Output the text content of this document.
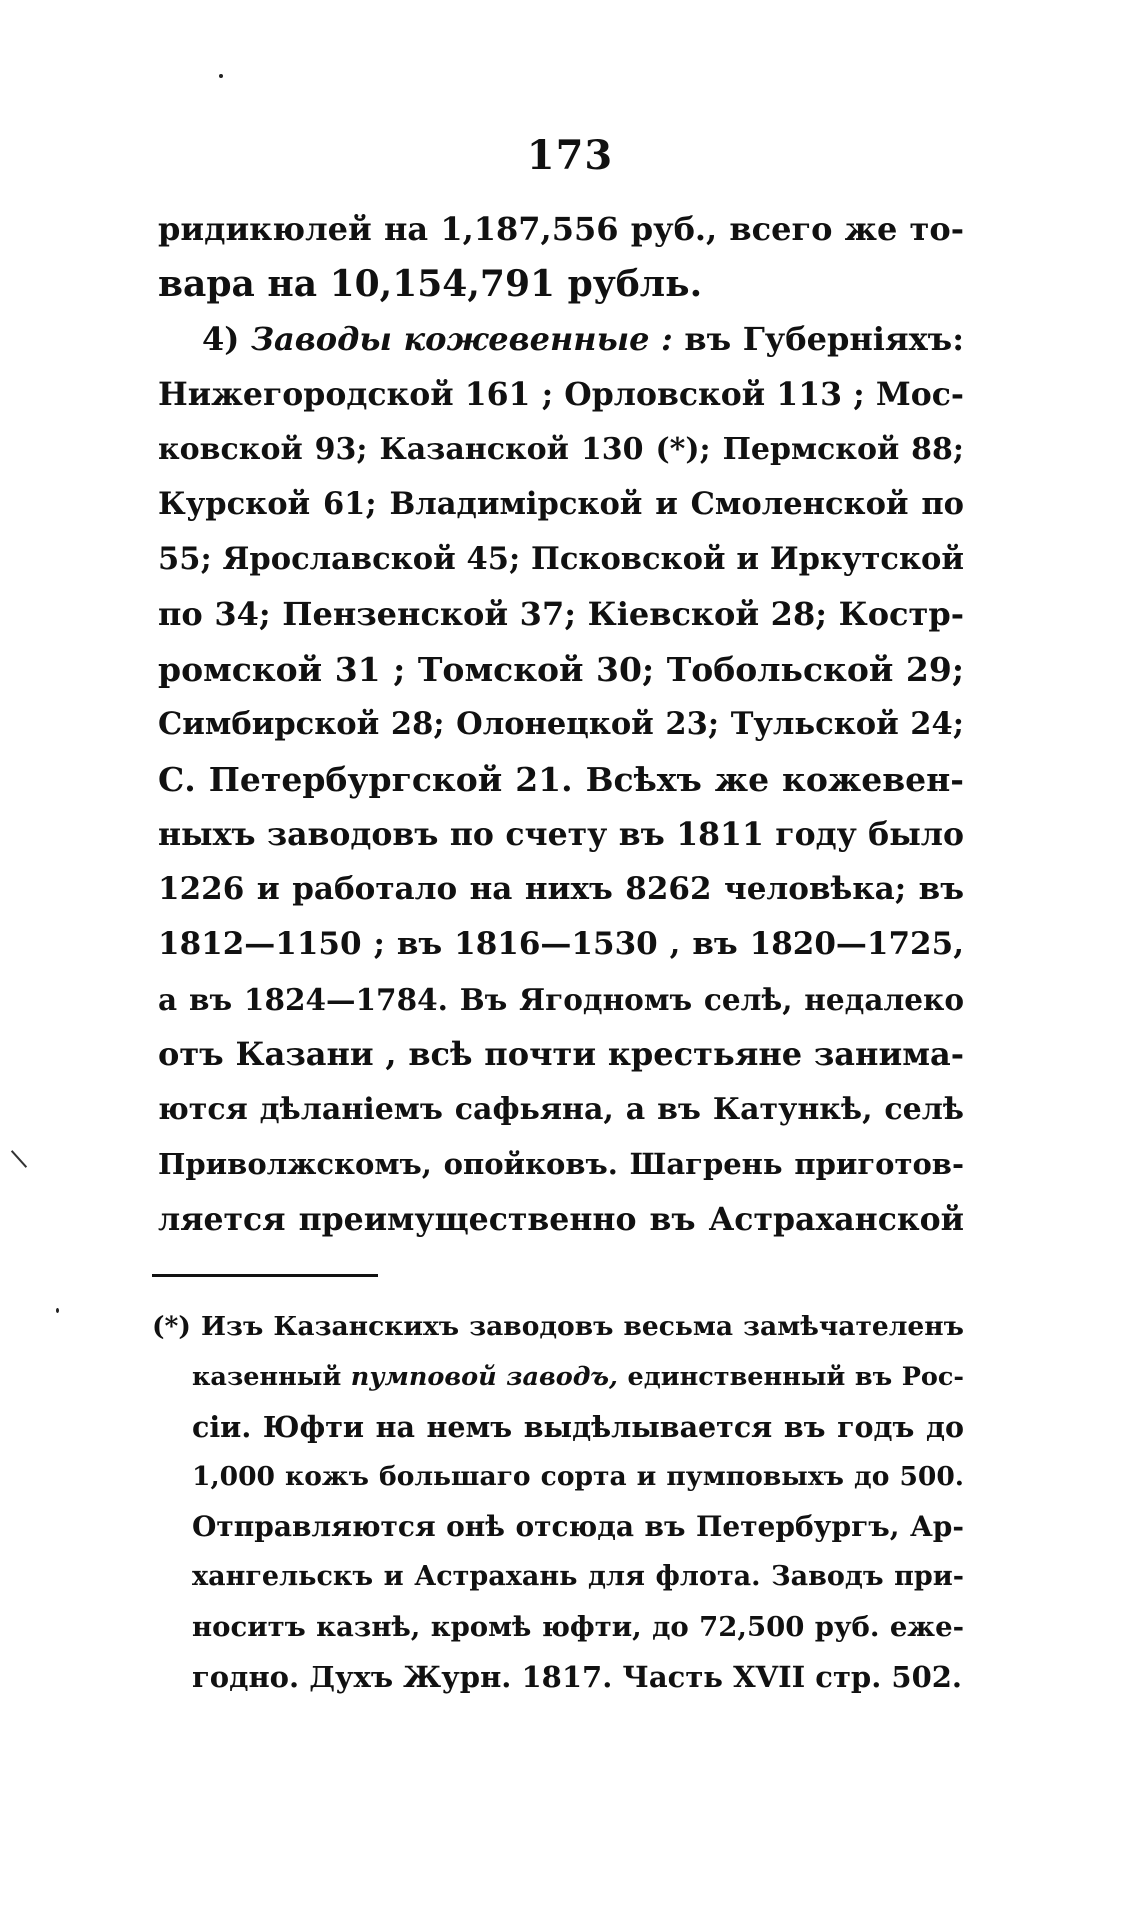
173
ридикюлей на 1,187,556 руб., всего же то-
вара на 10,154,791 рубль.
4) Заводы кожевенные : въ Губерніяхъ:
Нижегородской 161 ; Орловской 113 ; Мос-
ковской 93; Казанской 130 (*); Пермской 88;
Курской 61; Владимірской и Смоленской по
55; Ярославской 45; Псковской и Иркутской
по 34; Пензенской 37; Кіевской 28; Костр-
ромской 31 ; Томской 30; Тобольской 29;
Симбирской 28; Олонецкой 23; Тульской 24;
С. Петербургской 21. Всѣхъ же кожевен-
ныхъ заводовъ по счету въ 1811 году было
1226 и работало на нихъ 8262 человѣка; въ
1812—1150 ; въ 1816—1530 , въ 1820—1725,
а въ 1824—1784. Въ Ягодномъ селѣ, недалеко
отъ Казани , всѣ почти крестьяне занима-
ются дѣланіемъ сафьяна, а въ Катункѣ, селѣ
Приволжскомъ, опойковъ. Шагрень приготов-
ляется преимущественно въ Астраханской
(*) Изъ Казанскихъ заводовъ весьма замѣчателенъ
казенный пумповой заводъ, единственный въ Рос-
сіи. Юфти на немъ выдѣлывается въ годъ до
1,000 кожъ большаго сорта и пумповыхъ до 500.
Отправляются онѣ отсюда въ Петербургъ, Ар-
хангельскъ и Астрахань для флота. Заводъ при-
носитъ казнѣ, кромѣ юфти, до 72,500 руб. еже-
годно. Духъ Журн. 1817. Часть XVII стр. 502.
